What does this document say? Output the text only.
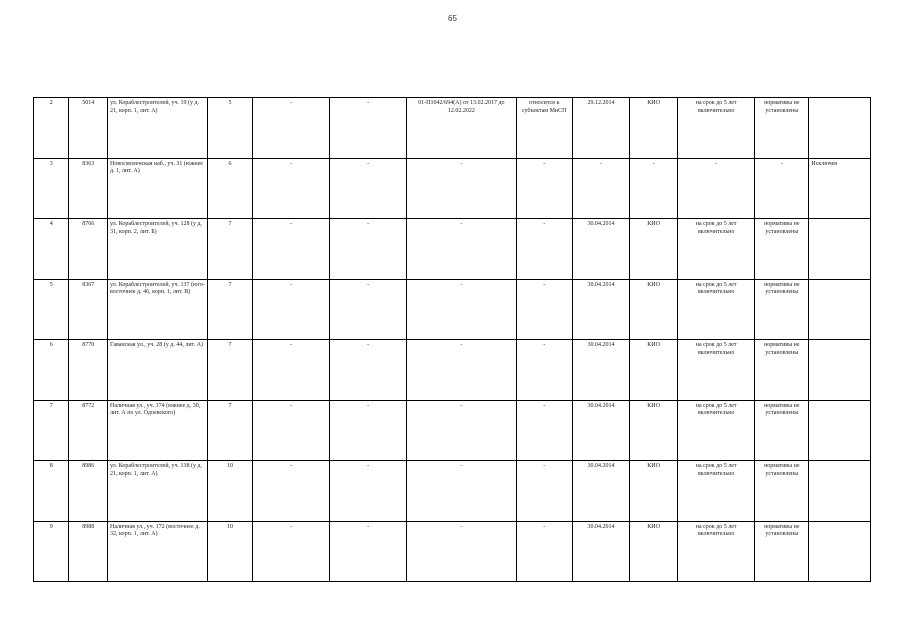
65
2	5014	ул. Кораблестроителей, уч. 19 (у д. 21, корп. 1, лит. А)	5	-	-	01-П1042/694(А) от 13.02.2017 до 12.02.2022	относится к субъектам МиСП	29.12.2014	КИО	на срок до 5 лет включительно	нормативы не установлены	
3	8363	Новосмоленская наб., уч. 31 (южнее д. 1, лит. А)	6	-	-	-	-	-	-	-	-	Исключен
4	8766	ул. Кораблестроителей, уч. 128 (у д. 31, корп. 2, лит. Б)	7	-	-	-	-	30.04.2014	КИО	на срок до 5 лет включительно	нормативы не установлены	
5	8367	ул. Кораблестроителей, уч. 137 (юго-восточнее д. 46, корп. 1, лит. В)	7	-	-	-	-	30.04.2014	КИО	на срок до 5 лет включительно	нормативы не установлены	
6	8770	Гаванская ул., уч. 28 (у д. 44, лит. А)	7	-	-	-	-	30.04.2014	КИО	на срок до 5 лет включительно	нормативы не установлены	
7	8772	Наличная ул., уч. 174 (южнее д. 30, лит. А по ул. Одоевского)	7	-	-	-	-	30.04.2014	КИО	на срок до 5 лет включительно	нормативы не установлены	
8	8986	ул. Кораблестроителей, уч. 138 (у д. 21, корп. 1, лит. А)	10	-	-	-	-	30.04.2014	КИО	на срок до 5 лет включительно	нормативы не установлены	
9	8988	Наличная ул., уч. 172 (восточнее д. 32, корп. 1, лит. А)	10	-	-	-	-	30.04.2014	КИО	на срок до 5 лет включительно	нормативы не установлены	
